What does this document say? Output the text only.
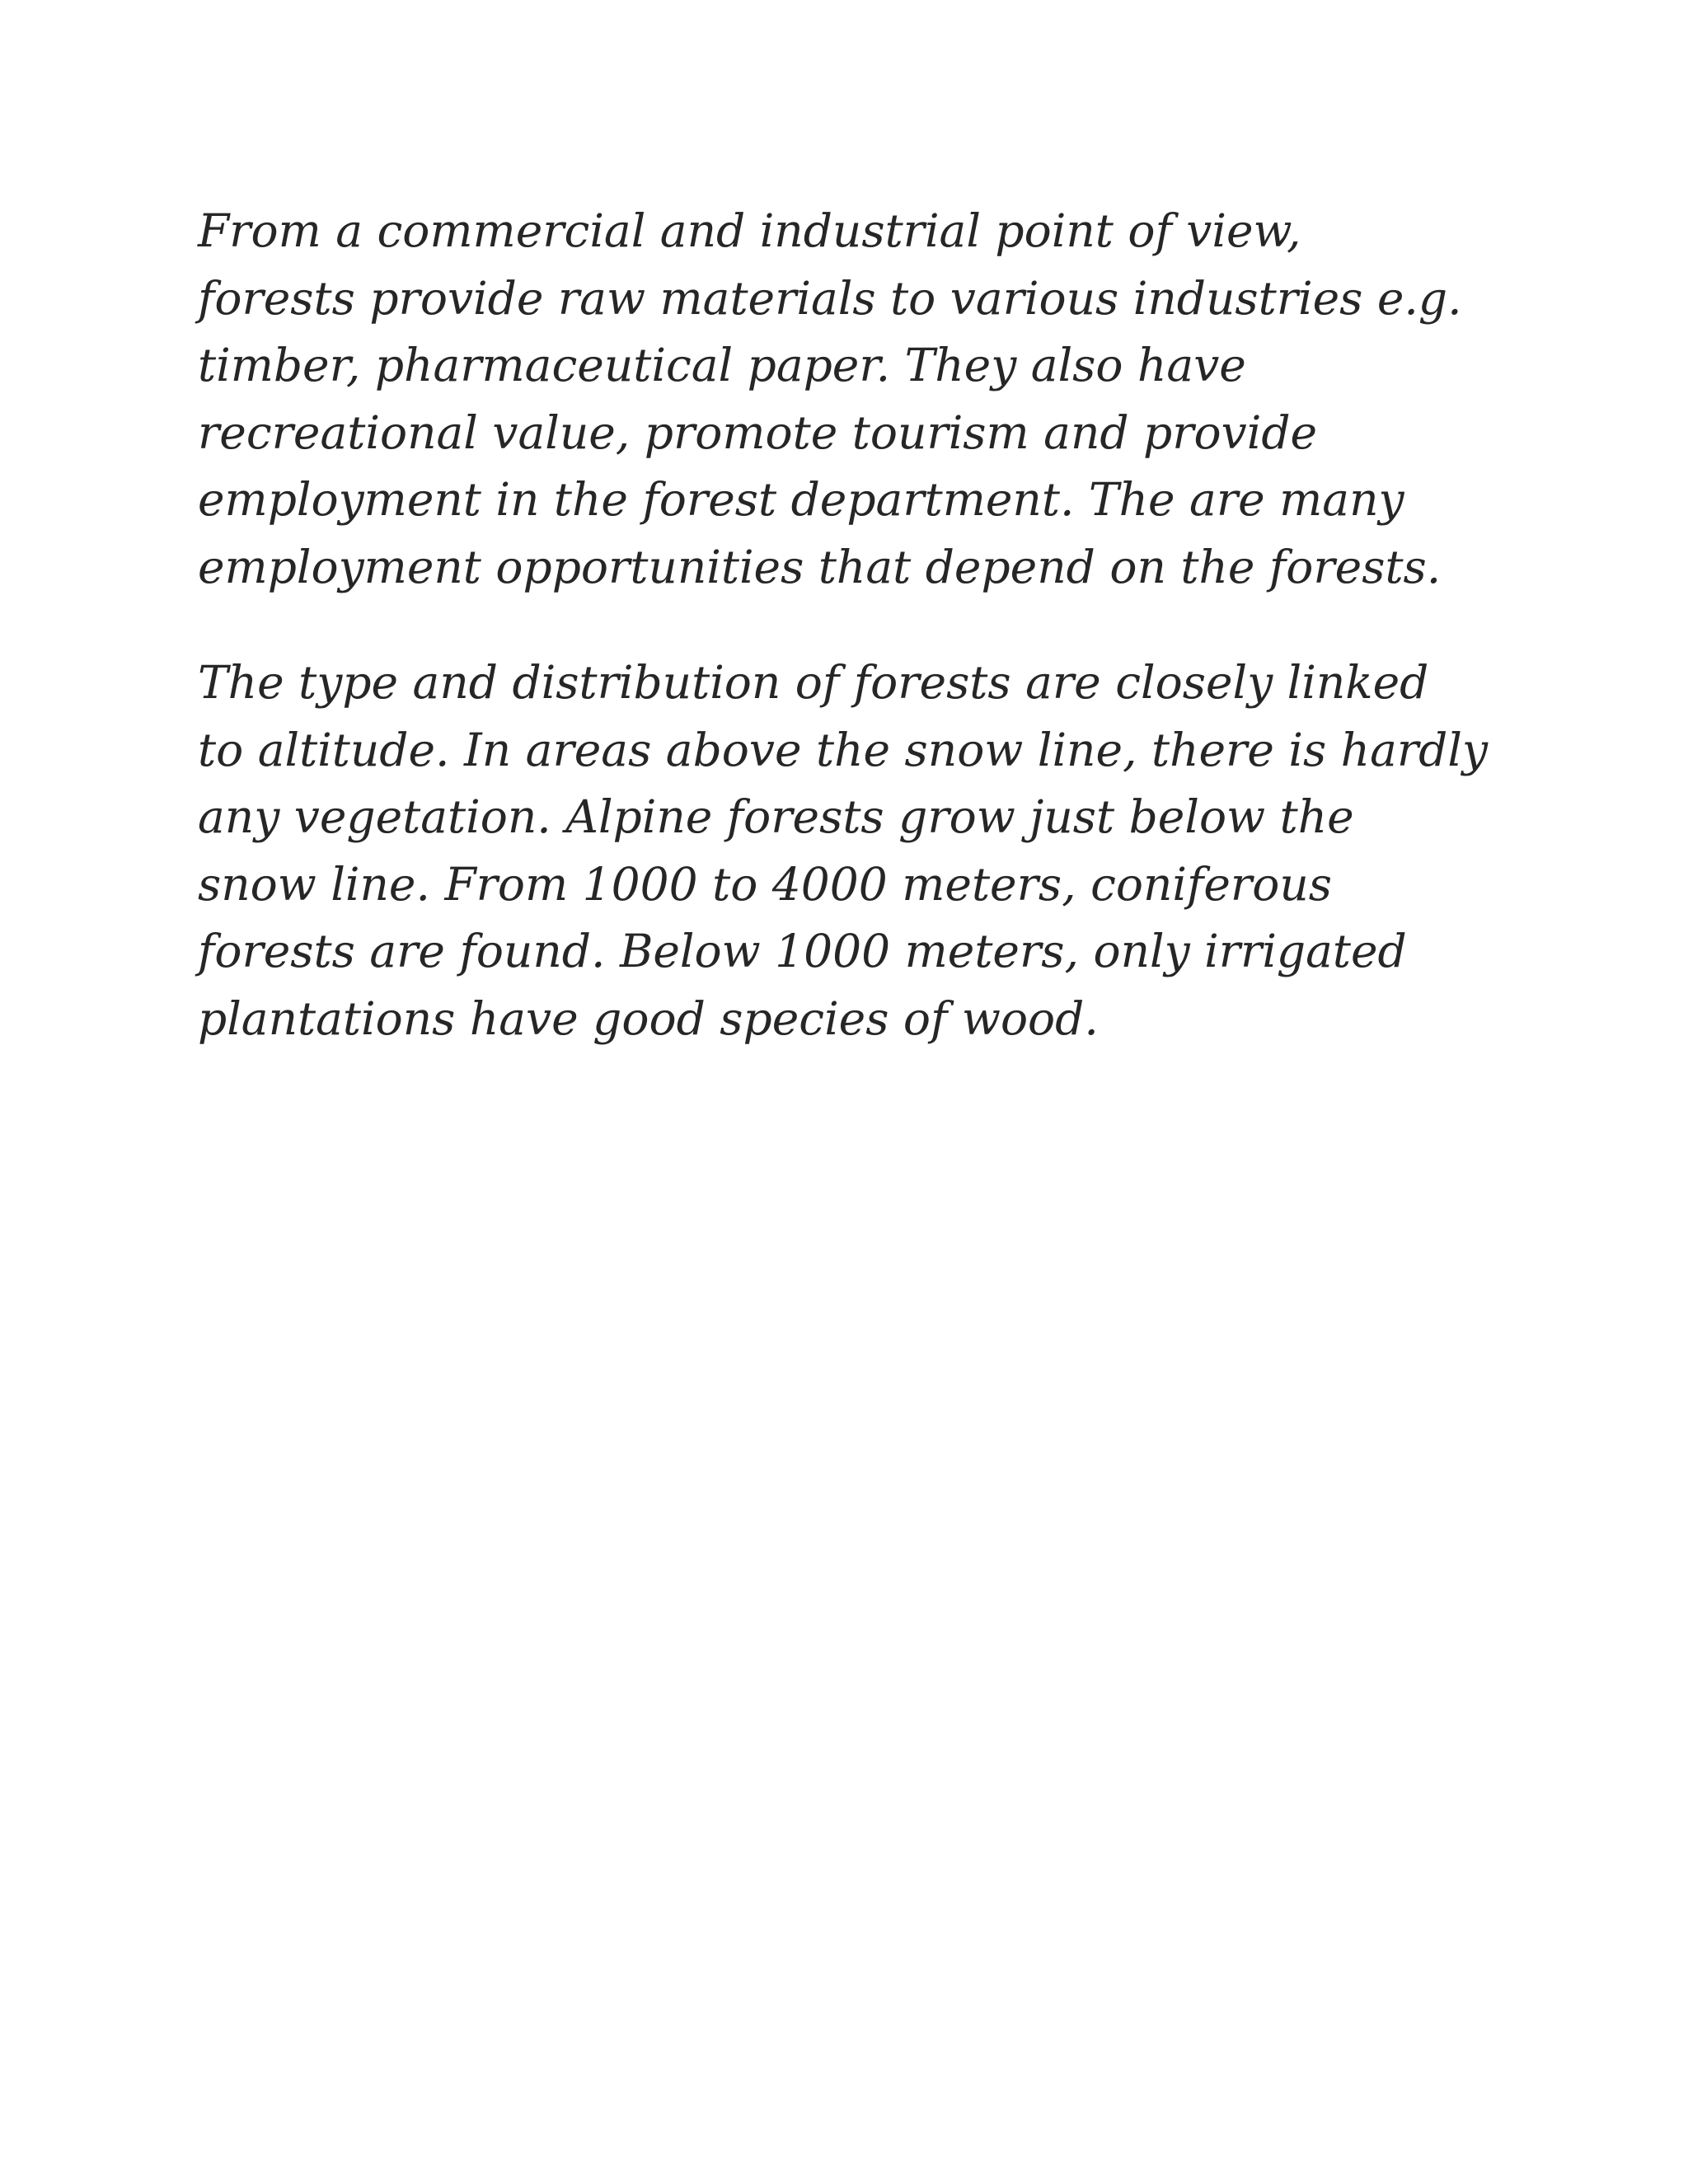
From a commercial and industrial point of view,
forests provide raw materials to various industries e.g.
timber, pharmaceutical paper. They also have
recreational value, promote tourism and provide
employment in the forest department. The are many
employment opportunities that depend on the forests.

The type and distribution of forests are closely linked
to altitude. In areas above the snow line, there is hardly
any vegetation. Alpine forests grow just below the
snow line. From 1000 to 4000 meters, coniferous
forests are found. Below 1000 meters, only irrigated
plantations have good species of wood.
